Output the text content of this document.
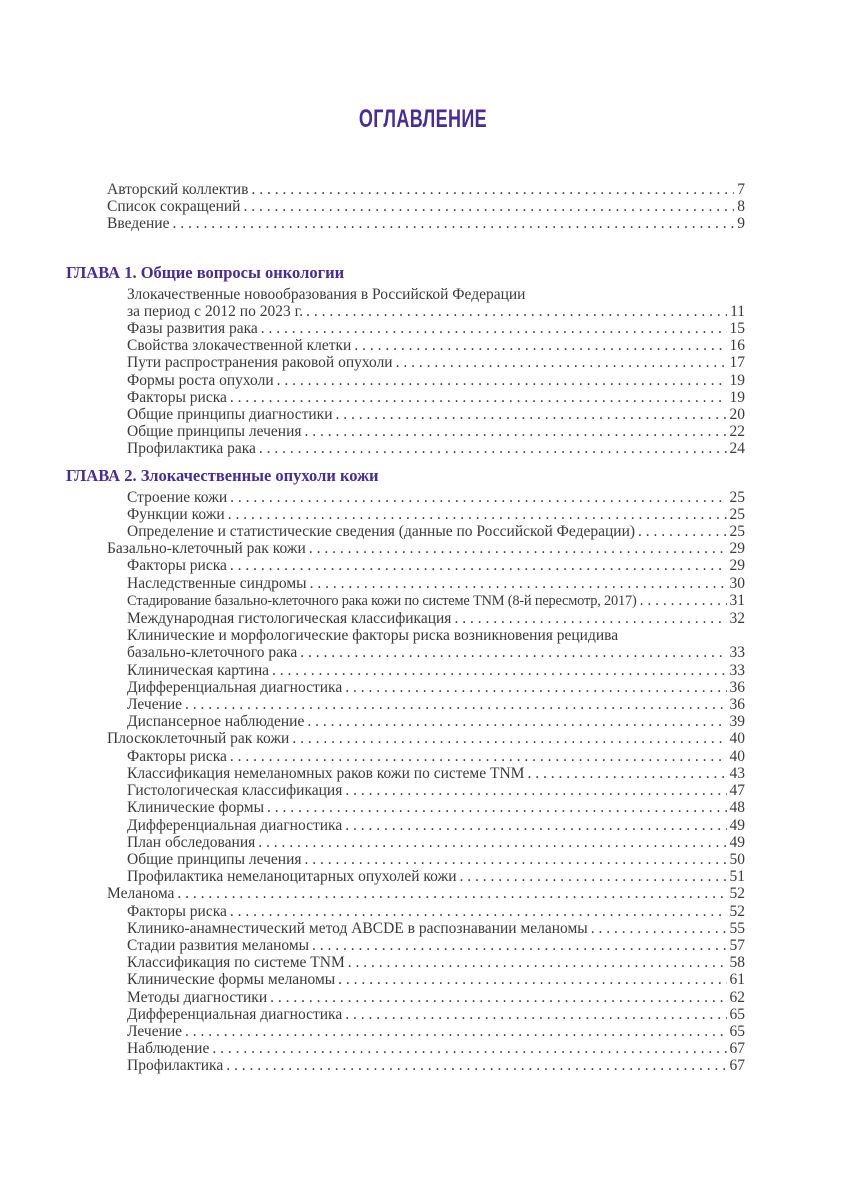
ОГЛАВЛЕНИЕ
Авторский коллектив . . .	7
Список сокращений . . .	8
Введение . . .	9
ГЛАВА 1. Общие вопросы онкологии
Злокачественные новообразования в Российской Федерации
за период с 2012 по 2023 г. . . .	11
Фазы развития рака . . .	15
Свойства злокачественной клетки . . .	16
Пути распространения раковой опухоли . . .	17
Формы роста опухоли . . .	19
Факторы риска . . .	19
Общие принципы диагностики . . .	20
Общие принципы лечения . . .	22
Профилактика рака . . .	24
ГЛАВА 2. Злокачественные опухоли кожи
Строение кожи . . .	25
Функции кожи . . .	25
Определение и статистические сведения (данные по Российской Федерации) . . .	25
Базально-клеточный рак кожи . . .	29
Факторы риска . . .	29
Наследственные синдромы . . .	30
Стадирование базально-клеточного рака кожи по системе TNM (8-й пересмотр, 2017) . . .	31
Международная гистологическая классификация . . .	32
Клинические и морфологические факторы риска возникновения рецидива
базально-клеточного рака . . .	33
Клиническая картина . . .	33
Дифференциальная диагностика . . .	36
Лечение . . .	36
Диспансерное наблюдение . . .	39
Плоскоклеточный рак кожи . . .	40
Факторы риска . . .	40
Классификация немеланомных раков кожи по системе TNM . . .	43
Гистологическая классификация . . .	47
Клинические формы . . .	48
Дифференциальная диагностика . . .	49
План обследования . . .	49
Общие принципы лечения . . .	50
Профилактика немеланоцитарных опухолей кожи . . .	51
Меланома . . .	52
Факторы риска . . .	52
Клинико-анамнестический метод ABCDE в распознавании меланомы . . .	55
Стадии развития меланомы . . .	57
Классификация по системе TNM . . .	58
Клинические формы меланомы . . .	61
Методы диагностики . . .	62
Дифференциальная диагностика . . .	65
Лечение . . .	65
Наблюдение . . .	67
Профилактика . . .	67
